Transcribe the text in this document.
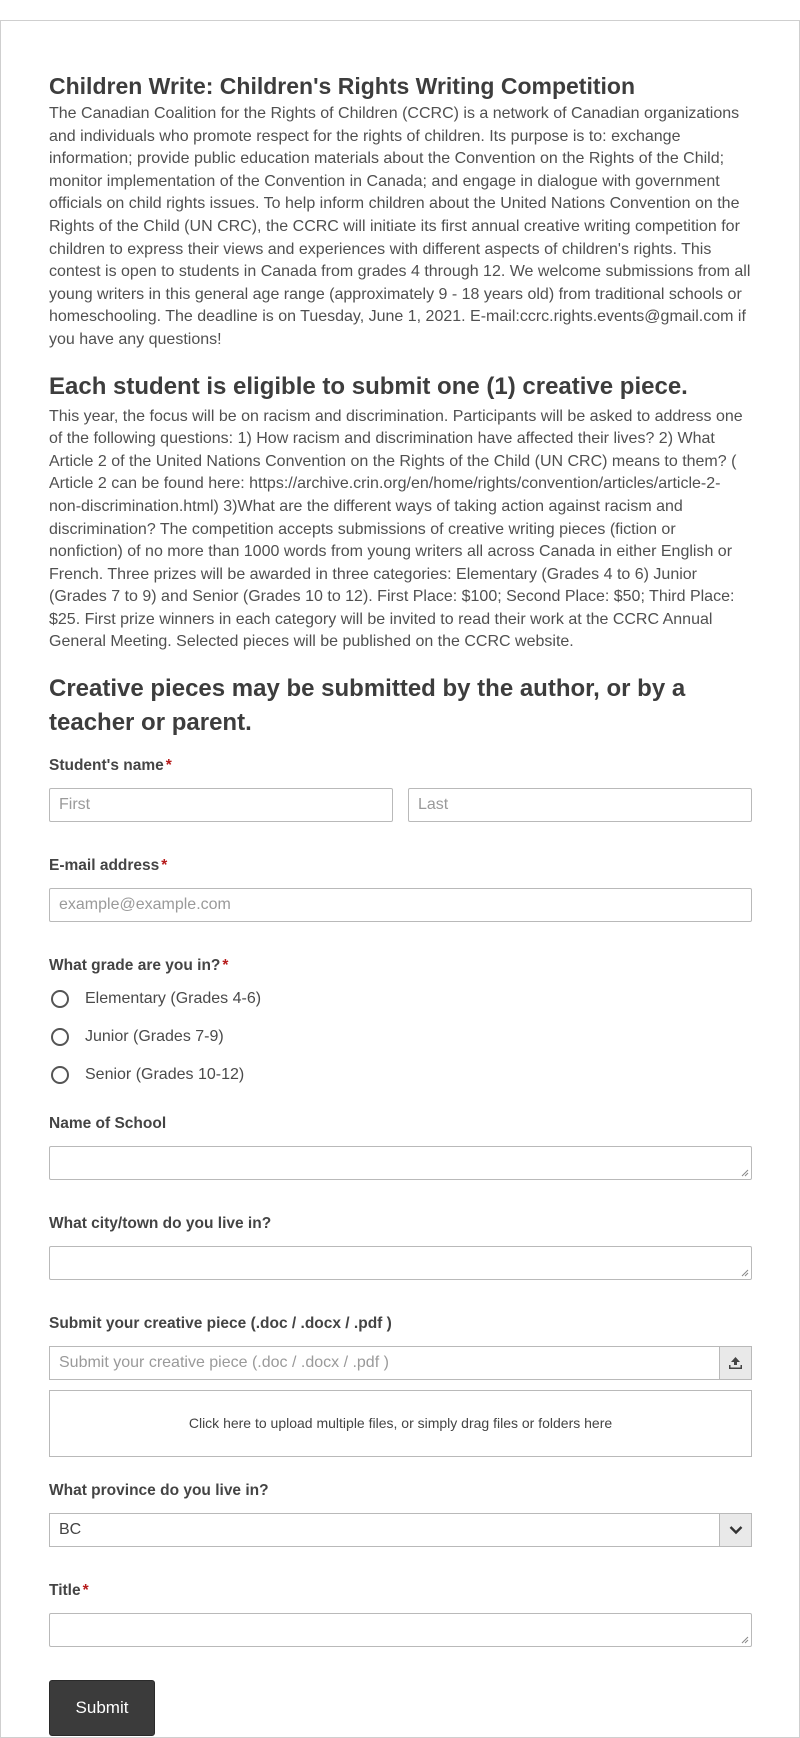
Children Write: Children's Rights Writing Competition

The Canadian Coalition for the Rights of Children (CCRC) is a network of Canadian organizations and individuals who promote respect for the rights of children. Its purpose is to: exchange information; provide public education materials about the Convention on the Rights of the Child; monitor implementation of the Convention in Canada; and engage in dialogue with government officials on child rights issues. To help inform children about the United Nations Convention on the Rights of the Child (UN CRC), the CCRC will initiate its first annual creative writing competition for children to express their views and experiences with different aspects of children's rights. This contest is open to students in Canada from grades 4 through 12. We welcome submissions from all young writers in this general age range (approximately 9 - 18 years old) from traditional schools or homeschooling. The deadline is on Tuesday, June 1, 2021. E-mail:ccrc.rights.events@gmail.com if you have any questions!

Each student is eligible to submit one (1) creative piece.

This year, the focus will be on racism and discrimination. Participants will be asked to address one of the following questions: 1) How racism and discrimination have affected their lives? 2) What Article 2 of the United Nations Convention on the Rights of the Child (UN CRC) means to them? ( Article 2 can be found here: https://archive.crin.org/en/home/rights/convention/articles/article-2-non-discrimination.html) 3)What are the different ways of taking action against racism and discrimination? The competition accepts submissions of creative writing pieces (fiction or nonfiction) of no more than 1000 words from young writers all across Canada in either English or French. Three prizes will be awarded in three categories: Elementary (Grades 4 to 6) Junior (Grades 7 to 9) and Senior (Grades 10 to 12). First Place: $100; Second Place: $50; Third Place: $25. First prize winners in each category will be invited to read their work at the CCRC Annual General Meeting. Selected pieces will be published on the CCRC website.

Creative pieces may be submitted by the author, or by a teacher or parent.
Student's name *
First	Last
E-mail address *
example@example.com
What grade are you in? *
Elementary (Grades 4-6)
Junior (Grades 7-9)
Senior (Grades 10-12)
Name of School
What city/town do you live in?
Submit your creative piece (.doc / .docx / .pdf )
Submit your creative piece (.doc / .docx / .pdf )
Click here to upload multiple files, or simply drag files or folders here
What province do you live in?
BC
Title *
Submit
